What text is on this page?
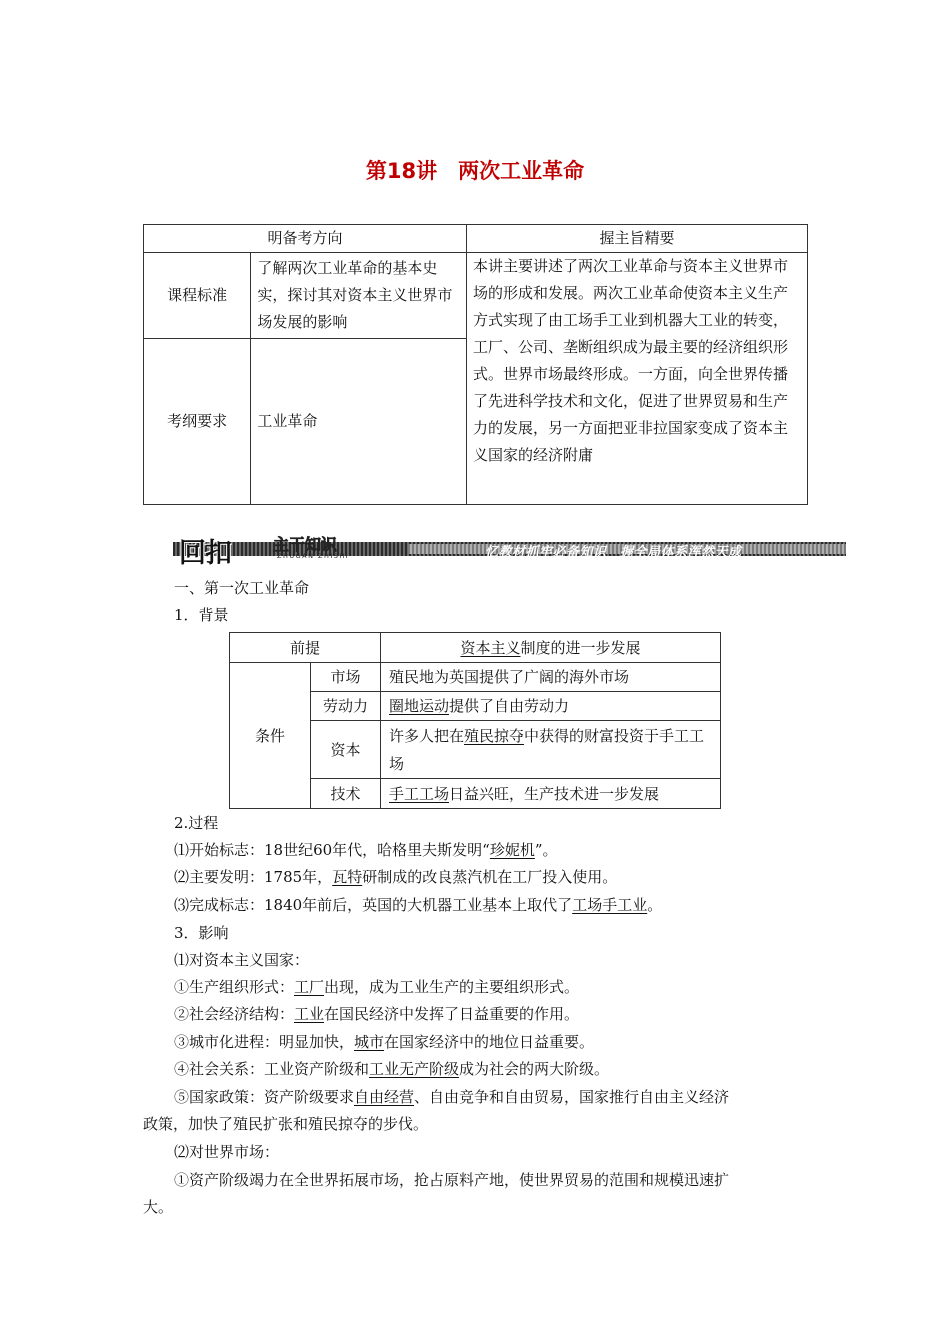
第18讲　两次工业革命
明备考方向		握主旨精要
课程标准	了解两次工业革命的基本史实，探讨其对资本主义世界市场发展的影响	本讲主要讲述了两次工业革命与资本主义世界市场的形成和发展。两次工业革命使资本主义生产方式实现了由工场手工业到机器大工业的转变，工厂、公司、垄断组织成为最主要的经济组织形式。世界市场最终形成。一方面，向全世界传播了先进科学技术和文化，促进了世界贸易和生产力的发展，另一方面把亚非拉国家变成了资本主义国家的经济附庸
考纲要求	工业革命	
回扣	主干知识
ZHUGAN ZHISHI	忆教材抓牢必备知识　握全局体系浑然天成
一、第一次工业革命
1．背景
前提		资本主义制度的进一步发展
条件	市场	殖民地为英国提供了广阔的海外市场
	劳动力	圈地运动提供了自由劳动力
	资本	许多人把在殖民掠夺中获得的财富投资于手工工场
	技术	手工工场日益兴旺，生产技术进一步发展
2.过程
⑴开始标志：18世纪60年代，哈格里夫斯发明“珍妮机”。
⑵主要发明：1785年，瓦特研制成的改良蒸汽机在工厂投入使用。
⑶完成标志：1840年前后，英国的大机器工业基本上取代了工场手工业。
3．影响
⑴对资本主义国家：
①生产组织形式：工厂出现，成为工业生产的主要组织形式。
②社会经济结构：工业在国民经济中发挥了日益重要的作用。
③城市化进程：明显加快，城市在国家经济中的地位日益重要。
④社会关系：工业资产阶级和工业无产阶级成为社会的两大阶级。
⑤国家政策：资产阶级要求自由经营、自由竞争和自由贸易，国家推行自由主义经济
政策，加快了殖民扩张和殖民掠夺的步伐。
⑵对世界市场：
①资产阶级竭力在全世界拓展市场，抢占原料产地，使世界贸易的范围和规模迅速扩
大。
